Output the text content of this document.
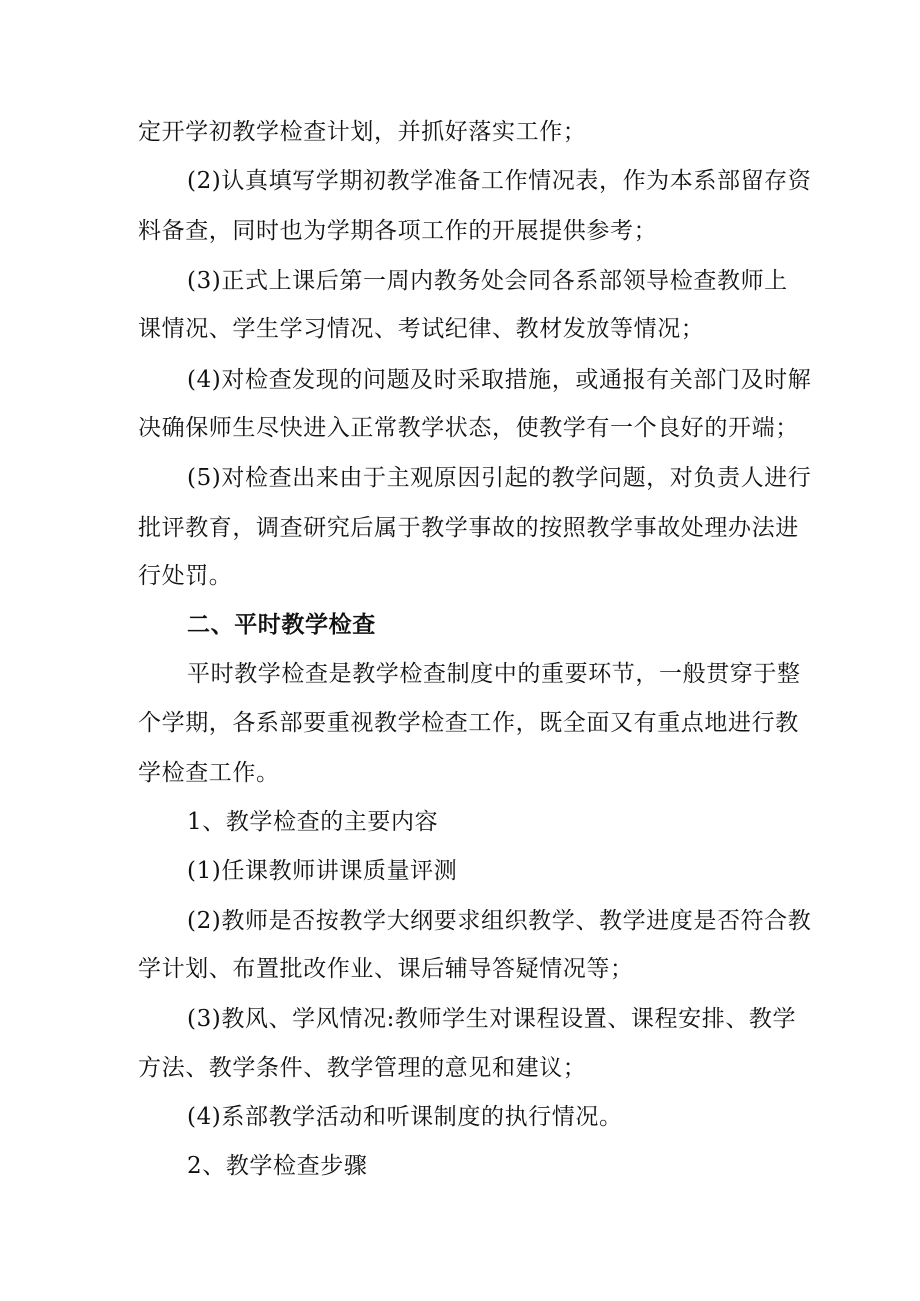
定开学初教学检查计划，并抓好落实工作；
(2)认真填写学期初教学准备工作情况表，作为本系部留存资
料备查，同时也为学期各项工作的开展提供参考；
(3)正式上课后第一周内教务处会同各系部领导检查教师上
课情况、学生学习情况、考试纪律、教材发放等情况；
(4)对检查发现的问题及时采取措施，或通报有关部门及时解
决确保师生尽快进入正常教学状态，使教学有一个良好的开端；
(5)对检查出来由于主观原因引起的教学问题，对负责人进行
批评教育，调查研究后属于教学事故的按照教学事故处理办法进
行处罚。
二、平时教学检查
平时教学检查是教学检查制度中的重要环节，一般贯穿于整
个学期，各系部要重视教学检查工作，既全面又有重点地进行教
学检查工作。
1、教学检查的主要内容
(1)任课教师讲课质量评测
(2)教师是否按教学大纲要求组织教学、教学进度是否符合教
学计划、布置批改作业、课后辅导答疑情况等；
(3)教风、学风情况:教师学生对课程设置、课程安排、教学
方法、教学条件、教学管理的意见和建议；
(4)系部教学活动和听课制度的执行情况。
2、教学检查步骤
